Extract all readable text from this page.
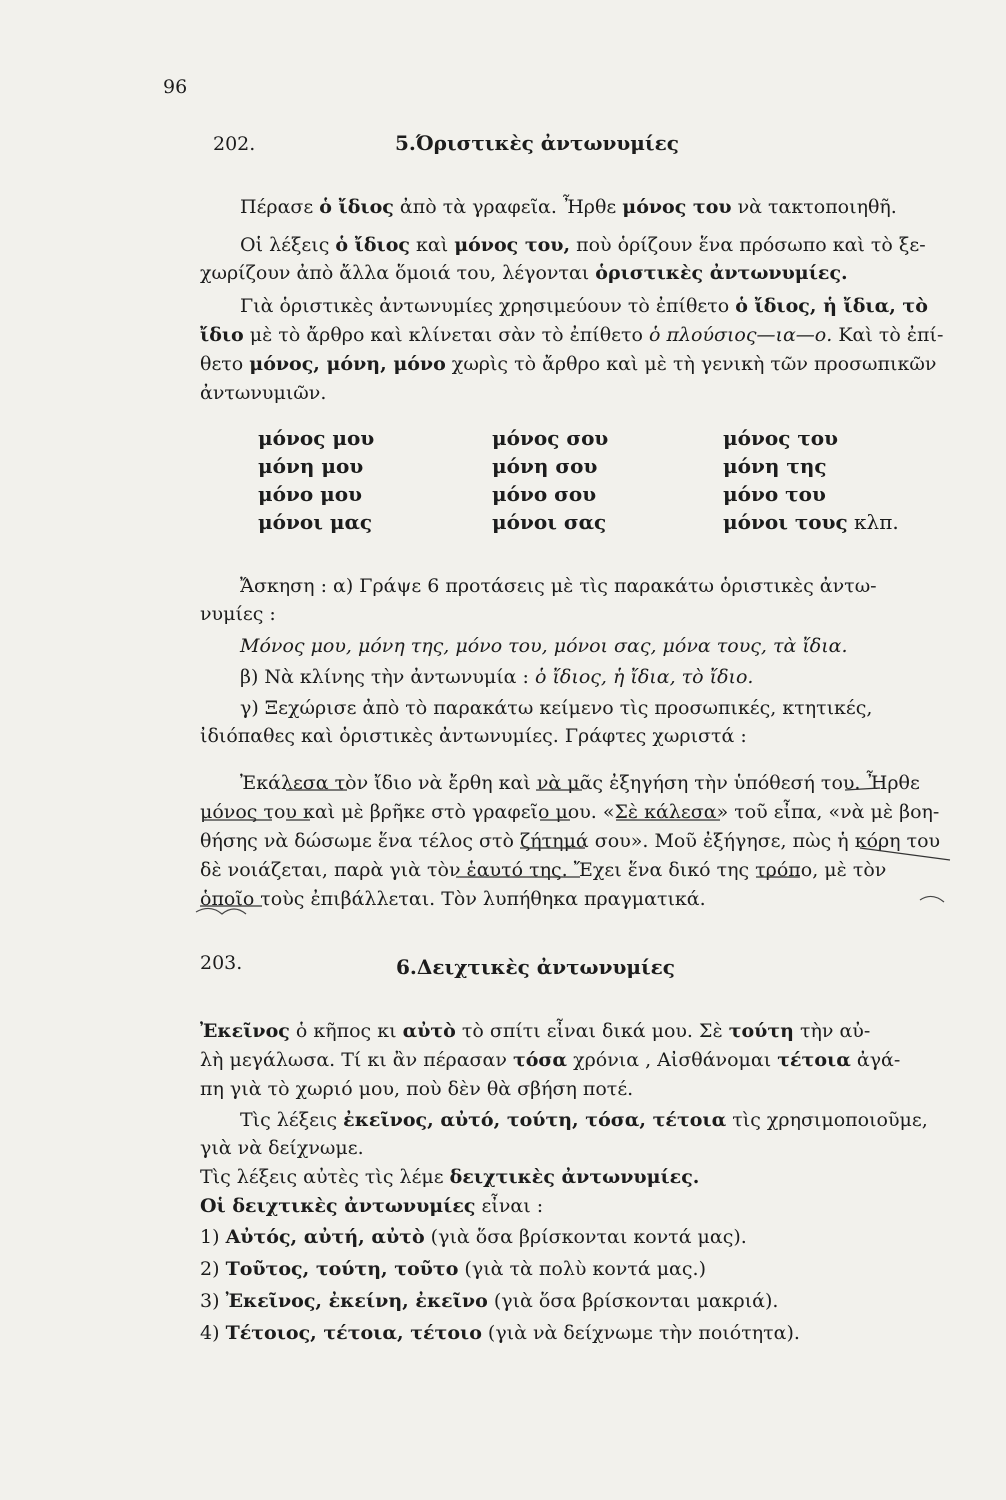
96
202.	5.Όριστικὲς ἀντωνυμίες
Πέρασε ὁ ἴδιος ἀπὸ τὰ γραφεῖα. Ἦρθε μόνος του νὰ τακτοποιηθῆ.
Οἱ λέξεις ὁ ἴδιος καὶ μόνος του, ποὺ ὁρίζουν ἕνα πρόσωπο καὶ τὸ ξε-
χωρίζουν ἀπὸ ἄλλα ὅμοιά του, λέγονται ὁριστικὲς ἀντωνυμίες.
Γιὰ ὁριστικὲς ἀντωνυμίες χρησιμεύουν τὸ ἐπίθετο ὁ ἴδιος, ἡ ἴδια, τὸ
ἴδιο μὲ τὸ ἄρθρο καὶ κλίνεται σὰν τὸ ἐπίθετο ὁ πλούσιος—ια—ο. Καὶ τὸ ἐπί-
θετο μόνος, μόνη, μόνο χωρὶς τὸ ἄρθρο καὶ μὲ τὴ γενικὴ τῶν προσωπικῶν
ἀντωνυμιῶν.
μόνος μου
μόνη μου
μόνο μου
μόνοι μας
μόνος σου
μόνη σου
μόνο σου
μόνοι σας
μόνος του
μόνη της
μόνο του
μόνοι τους κλπ.
Ἄσκηση : α) Γράψε 6 προτάσεις μὲ τὶς παρακάτω ὁριστικὲς ἀντω-
νυμίες :
Μόνος μου, μόνη της, μόνο του, μόνοι σας, μόνα τους, τὰ ἴδια.
β) Νὰ κλίνης τὴν ἀντωνυμία : ὁ ἴδιος, ἡ ἴδια, τὸ ἴδιο.
γ) Ξεχώρισε ἀπὸ τὸ παρακάτω κείμενο τὶς προσωπικές, κτητικές,
ἰδιόπαθες καὶ ὁριστικὲς ἀντωνυμίες. Γράφτες χωριστά :
Ἐκάλεσα τὸν ἴδιο νὰ ἔρθη καὶ νὰ μᾶς ἐξηγήση τὴν ὑπόθεσή του. Ἦρθε
μόνος του καὶ μὲ βρῆκε στὸ γραφεῖο μου. «Σὲ κάλεσα» τοῦ εἶπα, «νὰ μὲ βοη-
θήσης νὰ δώσωμε ἕνα τέλος στὸ ζήτημά σου». Μοῦ ἐξήγησε, πὼς ἡ κόρη του
δὲ νοιάζεται, παρὰ γιὰ τὸν ἑαυτό της. Ἔχει ἕνα δικό της τρόπο, μὲ τὸν
ὁποῖο τοὺς ἐπιβάλλεται. Τὸν λυπήθηκα πραγματικά.
203.	6.Δειχτικὲς ἀντωνυμίες
Ἐκεῖνος ὁ κῆπος κι αὐτὸ τὸ σπίτι εἶναι δικά μου. Σὲ τούτη τὴν αὐ-
λὴ μεγάλωσα. Τί κι ἂν πέρασαν τόσα χρόνια , Αἰσθάνομαι τέτοια ἀγά-
πη γιὰ τὸ χωριό μου, ποὺ δὲν θὰ σβήση ποτέ.
Τὶς λέξεις ἐκεῖνος, αὐτό, τούτη, τόσα, τέτοια τὶς χρησιμοποιοῦμε,
γιὰ νὰ δείχνωμε.
Τὶς λέξεις αὐτὲς τὶς λέμε δειχτικὲς ἀντωνυμίες.
Οἱ δειχτικὲς ἀντωνυμίες εἶναι :
1) Αὐτός, αὐτή, αὐτὸ (γιὰ ὅσα βρίσκονται κοντά μας).
2) Τοῦτος, τούτη, τοῦτο (γιὰ τὰ πολὺ κοντά μας.)
3) Ἐκεῖνος, ἐκείνη, ἐκεῖνο (γιὰ ὅσα βρίσκονται μακριά).
4) Τέτοιος, τέτοια, τέτοιο (γιὰ νὰ δείχνωμε τὴν ποιότητα).
